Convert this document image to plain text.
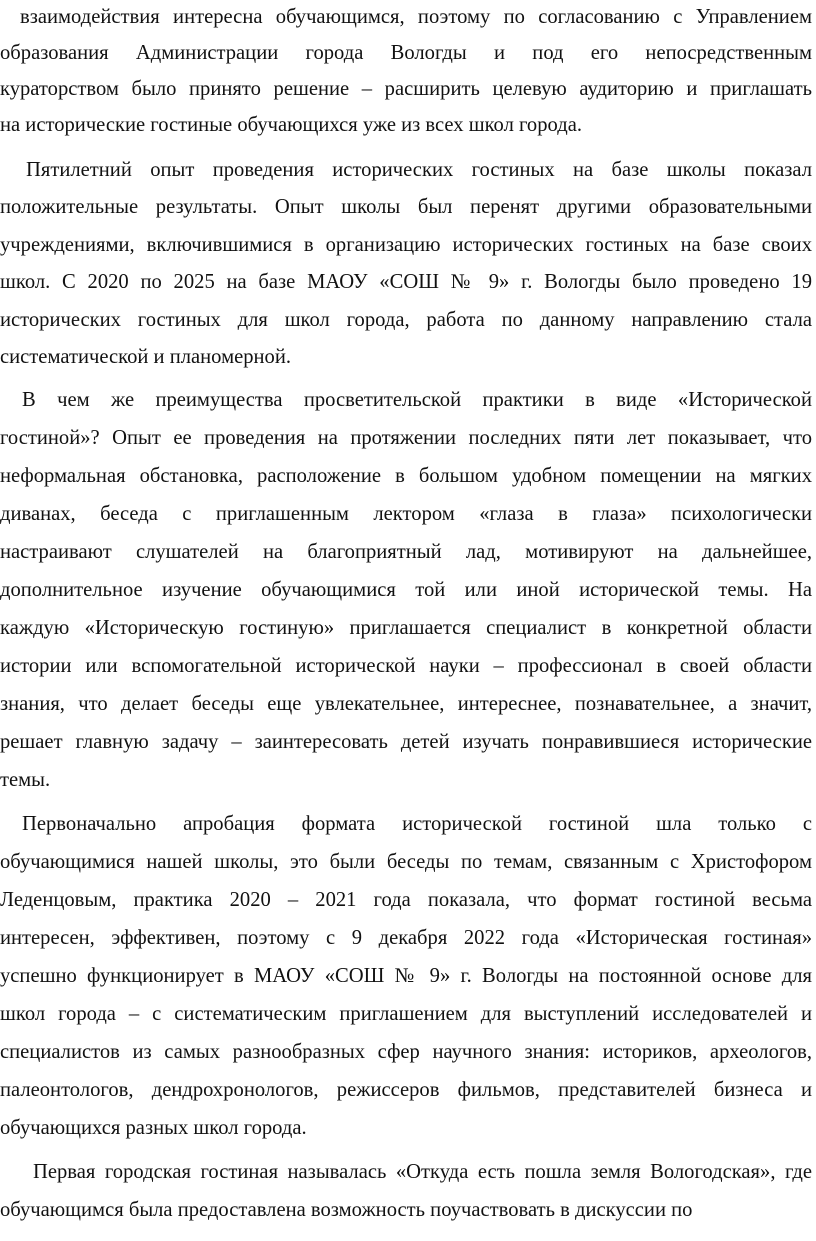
взаимодействия интересна обучающимся, поэтому по согласованию с Управлением
образования Администрации города Вологды и под его непосредственным
кураторством было принято решение – расширить целевую аудиторию и приглашать
на исторические гостиные обучающихся уже из всех школ города.
Пятилетний опыт проведения исторических гостиных на базе школы показал
положительные результаты. Опыт школы был перенят другими образовательными
учреждениями, включившимися в организацию исторических гостиных на базе своих
школ. С 2020 по 2025 на базе МАОУ «СОШ № 9» г. Вологды было проведено 19
исторических гостиных для школ города, работа по данному направлению стала
систематической и планомерной.
В чем же преимущества просветительской практики в виде «Исторической
гостиной»? Опыт ее проведения на протяжении последних пяти лет показывает, что
неформальная обстановка, расположение в большом удобном помещении на мягких
диванах, беседа с приглашенным лектором «глаза в глаза» психологически
настраивают слушателей на благоприятный лад, мотивируют на дальнейшее,
дополнительное изучение обучающимися той или иной исторической темы. На
каждую «Историческую гостиную» приглашается специалист в конкретной области
истории или вспомогательной исторической науки – профессионал в своей области
знания, что делает беседы еще увлекательнее, интереснее, познавательнее, а значит,
решает главную задачу – заинтересовать детей изучать понравившиеся исторические
темы.
Первоначально апробация формата исторической гостиной шла только с
обучающимися нашей школы, это были беседы по темам, связанным с Христофором
Леденцовым, практика 2020 – 2021 года показала, что формат гостиной весьма
интересен, эффективен, поэтому с 9 декабря 2022 года «Историческая гостиная»
успешно функционирует в МАОУ «СОШ № 9» г. Вологды на постоянной основе для
школ города – с систематическим приглашением для выступлений исследователей и
специалистов из самых разнообразных сфер научного знания: историков, археологов,
палеонтологов, дендрохронологов, режиссеров фильмов, представителей бизнеса и
обучающихся разных школ города.
Первая городская гостиная называлась «Откуда есть пошла земля Вологодская», где
обучающимся была предоставлена возможность поучаствовать в дискуссии по
